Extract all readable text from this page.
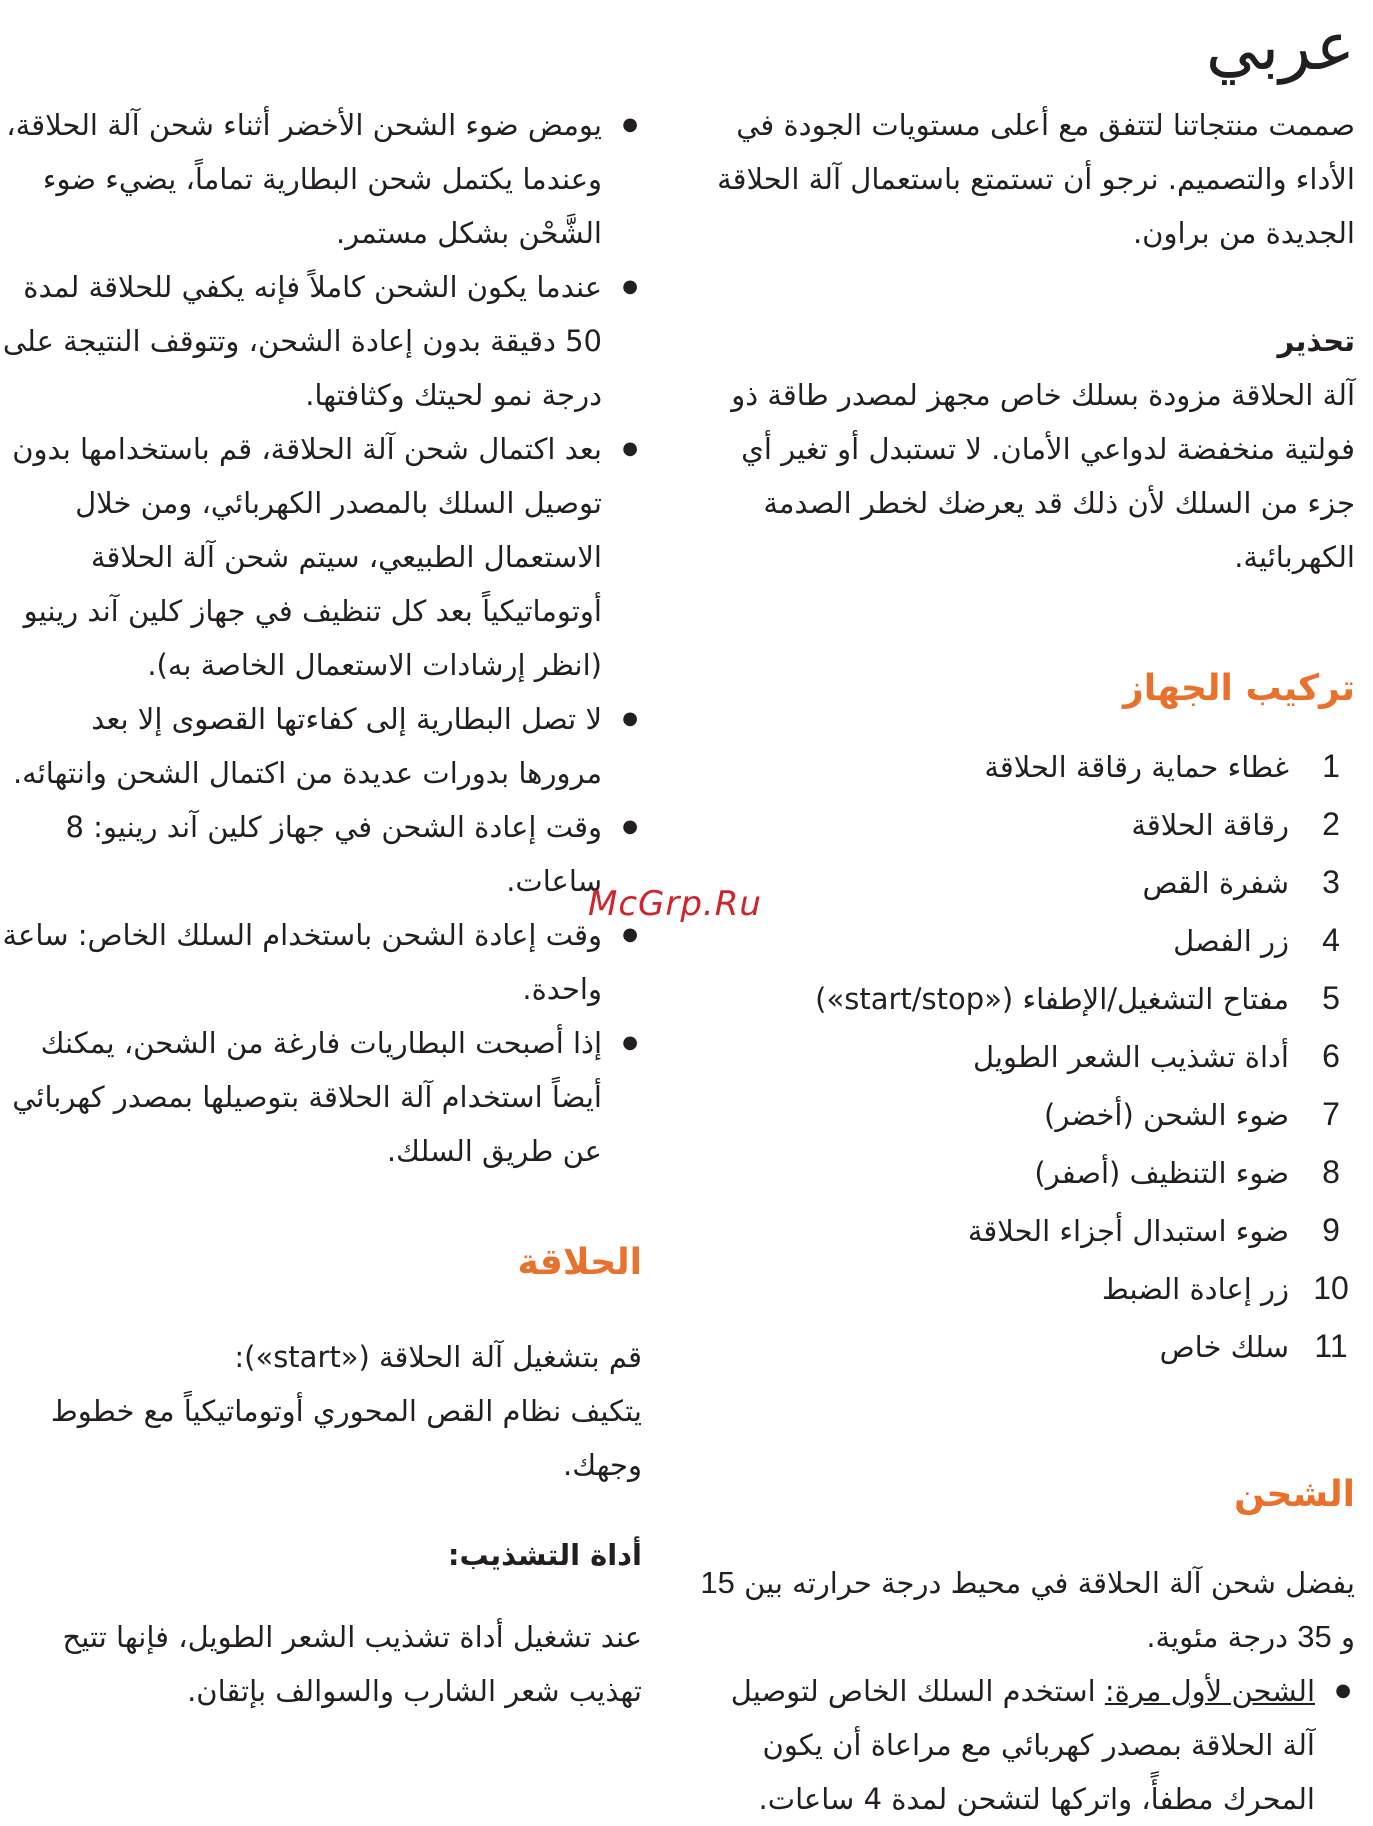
عربي

صممت منتجاتنا لتتفق مع أعلى مستويات الجودة في الأداء والتصميم. نرجو أن تستمتع باستعمال آلة الحلاقة الجديدة من براون.

تحذير

آلة الحلاقة مزودة بسلك خاص مجهز لمصدر طاقة ذو فولتية منخفضة لدواعي الأمان. لا تستبدل أو تغير أي جزء من السلك لأن ذلك قد يعرضك لخطر الصدمة الكهربائية.

تركيب الجهاز

1
غطاء حماية رقاقة الحلاقة
2
رقاقة الحلاقة
3
شفرة القص
4
زر الفصل
5
مفتاح التشغيل/الإطفاء («start/stop»)
6
أداة تشذيب الشعر الطويل
7
ضوء الشحن (أخضر)
8
ضوء التنظيف (أصفر)
9
ضوء استبدال أجزاء الحلاقة
10
زر إعادة الضبط
11
سلك خاص

الشحن

يفضل شحن آلة الحلاقة في محيط درجة حرارته بين 15 و 35 درجة مئوية.

●
الشحن لأول مرة: استخدم السلك الخاص لتوصيل آلة الحلاقة بمصدر كهربائي مع مراعاة أن يكون المحرك مطفأً، واتركها لتشحن لمدة 4 ساعات.
●
يومض ضوء الشحن الأخضر أثناء شحن آلة الحلاقة، وعندما يكتمل شحن البطارية تماماً، يضيء ضوء الشَّحْن بشكل مستمر.
●
عندما يكون الشحن كاملاً فإنه يكفي للحلاقة لمدة 50 دقيقة بدون إعادة الشحن، وتتوقف النتيجة على درجة نمو لحيتك وكثافتها.
●
بعد اكتمال شحن آلة الحلاقة، قم باستخدامها بدون توصيل السلك بالمصدر الكهربائي، ومن خلال الاستعمال الطبيعي، سيتم شحن آلة الحلاقة أوتوماتيكياً بعد كل تنظيف في جهاز كلين آند رينيو (انظر إرشادات الاستعمال الخاصة به).
●
لا تصل البطارية إلى كفاءتها القصوى إلا بعد مرورها بدورات عديدة من اكتمال الشحن وانتهائه.
●
وقت إعادة الشحن في جهاز كلين آند رينيو: 8 ساعات.
●
وقت إعادة الشحن باستخدام السلك الخاص: ساعة واحدة.
●
إذا أصبحت البطاريات فارغة من الشحن، يمكنك أيضاً استخدام آلة الحلاقة بتوصيلها بمصدر كهربائي عن طريق السلك.

الحلاقة

قم بتشغيل آلة الحلاقة («start»):

يتكيف نظام القص المحوري أوتوماتيكياً مع خطوط وجهك.

أداة التشذيب:

عند تشغيل أداة تشذيب الشعر الطويل، فإنها تتيح تهذيب شعر الشارب والسوالف بإتقان.

McGrp.Ru
